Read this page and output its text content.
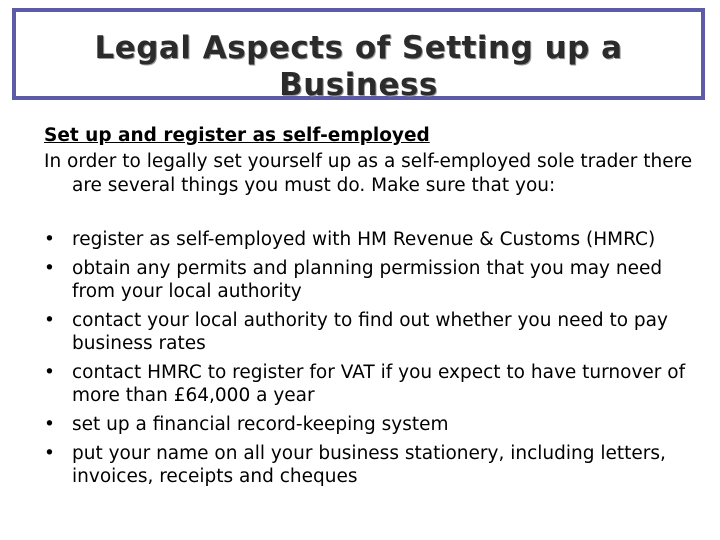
Legal Aspects of Setting up a
Business
Set up and register as self-employed
In order to legally set yourself up as a self-employed sole trader there are several things you must do. Make sure that you:
• register as self-employed with HM Revenue & Customs (HMRC)
• obtain any permits and planning permission that you may need from your local authority
• contact your local authority to find out whether you need to pay business rates
• contact HMRC to register for VAT if you expect to have turnover of more than £64,000 a year
• set up a financial record-keeping system
• put your name on all your business stationery, including letters, invoices, receipts and cheques
